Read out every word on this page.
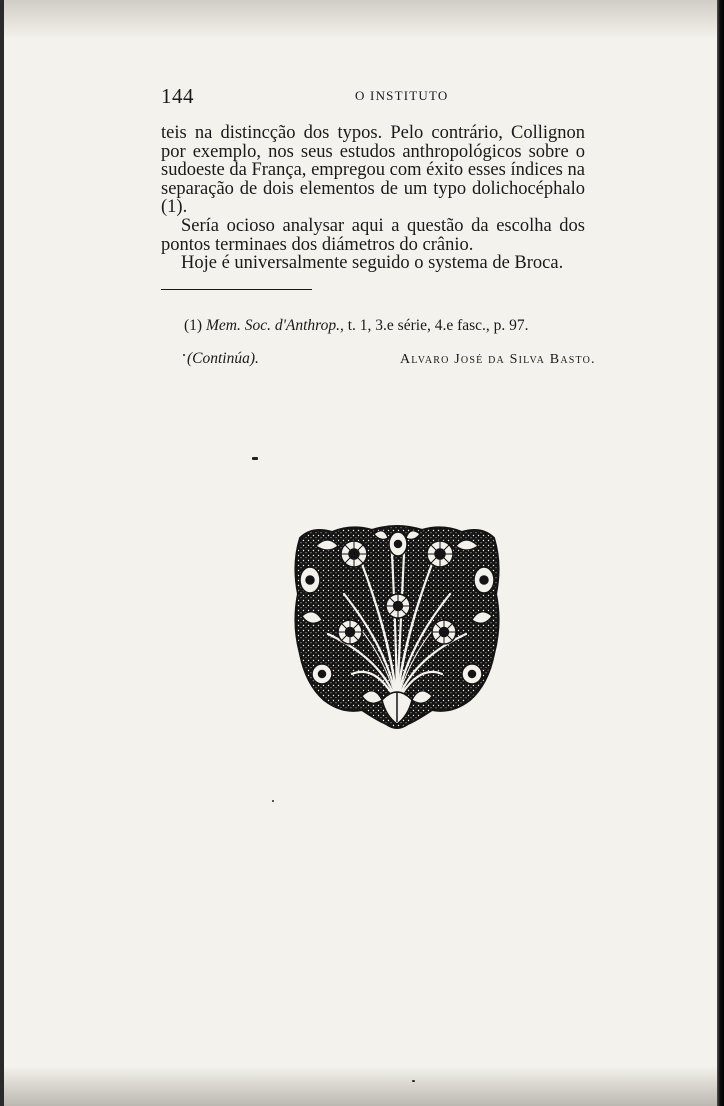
144	O INSTITUTO

teis na distincção dos typos. Pelo contrário, Collignon por exemplo, nos seus estudos anthropológicos sobre o sudoeste da França, empregou com éxito esses índices na separação de dois elementos de um typo dolichocéphalo (1).

Sería ocioso analysar aqui a questão da escolha dos pontos terminaes dos diámetros do crânio.

Hoje é universalmente seguido o systema de Broca.

(1) Mem. Soc. d'Anthrop., t. 1, 3.e série, 4.e fasc., p. 97.
(Continúa).	Alvaro José da Silva Basto.
